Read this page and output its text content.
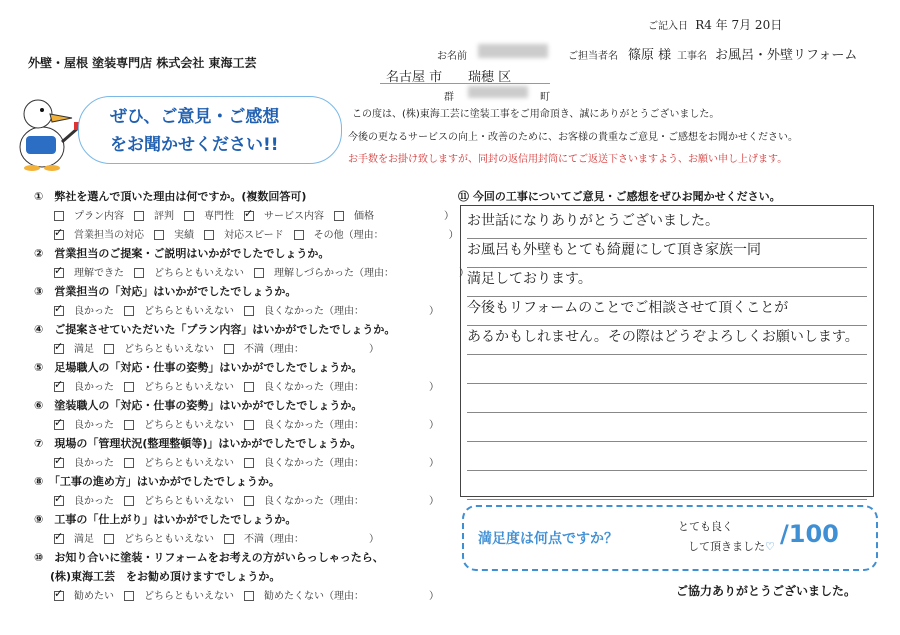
ご記入日 R4 年 7月 20日
外壁・屋根 塗装専門店 株式会社 東海工芸	お名前	ご担当者名 篠原 様 工事名 お風呂・外壁リフォーム
名古屋 市 瑞穂 区
群	町
ぜひ、ご意見・ご感想
をお聞かせください!!
この度は、(株)東海工芸に塗装工事をご用命頂き、誠にありがとうございました。
今後の更なるサービスの向上・改善のために、お客様の貴重なご意見・ご感想をお聞かせください。
お手数をお掛け致しますが、同封の返信用封筒にてご返送下さいますよう、お願い申し上げます。
①　弊社を選んで頂いた理由は何ですか。(複数回答可)
プラン内容	評判	専門性✓	サービス内容	価格	）
✓営業担当の対応	実績	対応スピード	その他（理由：	）
②　営業担当のご提案・ご説明はいかがでしたでしょうか。
✓理解できた	どちらともいえない	理解しづらかった（理由：	）
③　営業担当の「対応」はいかがでしたでしょうか。
✓良かった	どちらともいえない	良くなかった（理由：	）
④　ご提案させていただいた「プラン内容」はいかがでしたでしょうか。
✓満足	どちらともいえない	不満（理由：	）
⑤　足場職人の「対応・仕事の姿勢」はいかがでしたでしょうか。
✓良かった	どちらともいえない	良くなかった（理由：	）
⑥　塗装職人の「対応・仕事の姿勢」はいかがでしたでしょうか。
✓良かった	どちらともいえない	良くなかった（理由：	）
⑦　現場の「管理状況(整理整頓等)」はいかがでしたでしょうか。
✓良かった	どちらともいえない	良くなかった（理由：	）
⑧　「工事の進め方」はいかがでしたでしょうか。
✓良かった	どちらともいえない	良くなかった（理由：	）
⑨　工事の「仕上がり」はいかがでしたでしょうか。
✓満足	どちらともいえない	不満（理由：	）
⑩　お知り合いに塗装・リフォームをお考えの方がいらっしゃったら、
(株)東海工芸　をお勧め頂けますでしょうか。
✓勧めたい	どちらともいえない	勧めたくない（理由：	）
⑪ 今回の工事についてご意見・ご感想をぜひお聞かせください。
お世話になりありがとうございました。
お風呂も外壁もとても綺麗にして頂き家族一同
満足しております。
今後もリフォームのことでご相談させて頂くことが
あるかもしれません。その際はどうぞよろしくお願いします。
満足度は何点ですか？
とても良く
して頂きました♡ /100
ご協力ありがとうございました。
